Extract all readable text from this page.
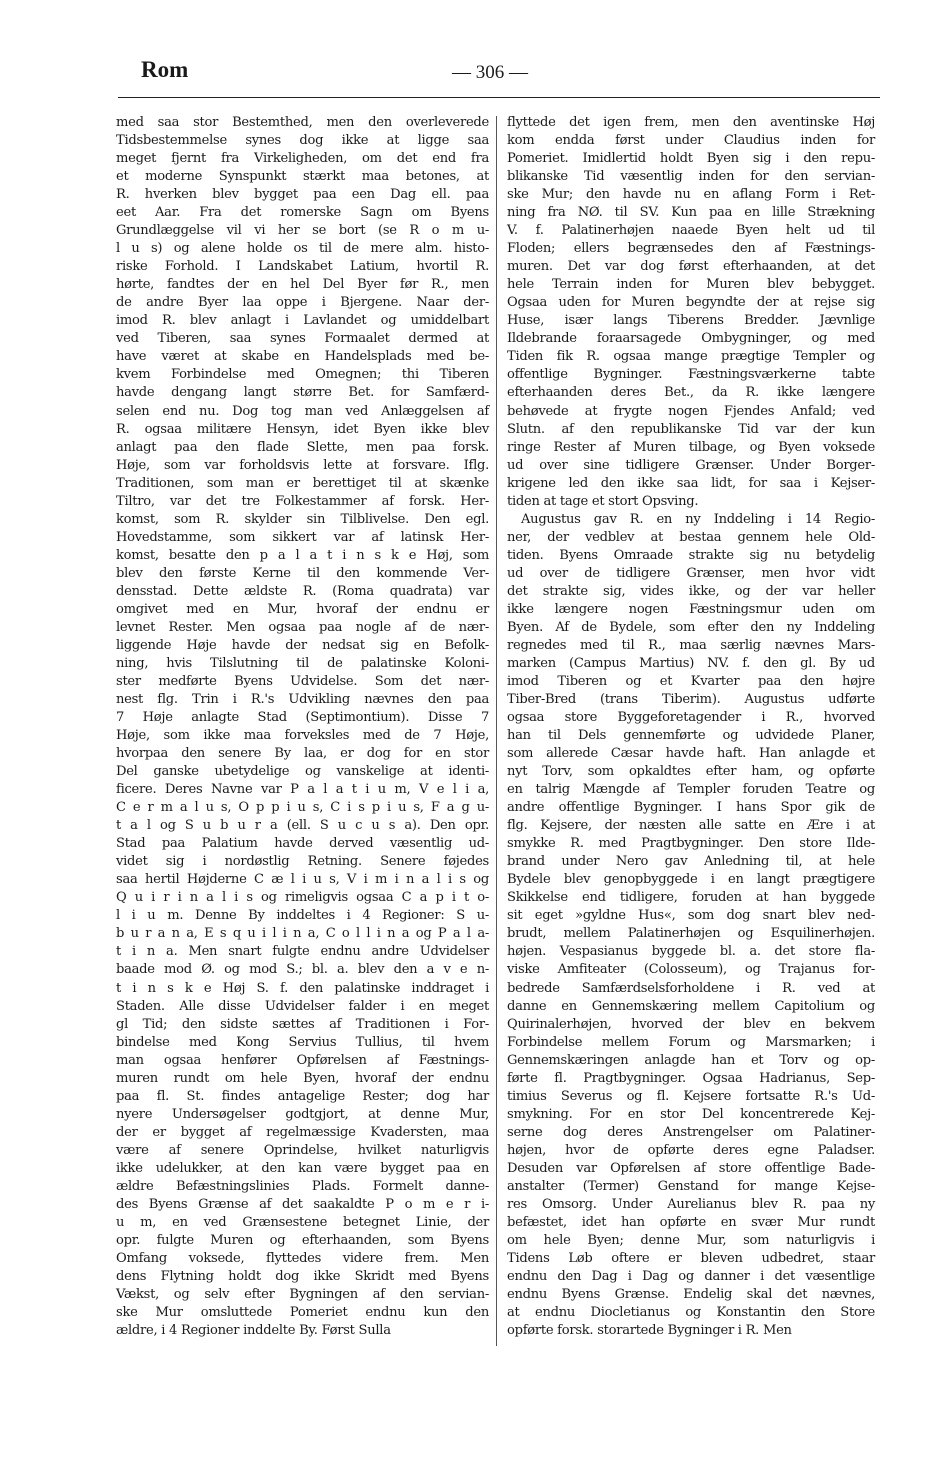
Rom	— 306 —
med saa stor Bestemthed, men den overleverede
Tidsbestemmelse synes dog ikke at ligge saa
meget fjernt fra Virkeligheden, om det end fra
et moderne Synspunkt stærkt maa betones, at
R. hverken blev bygget paa een Dag ell. paa
eet Aar. Fra det romerske Sagn om Byens
Grundlæggelse vil vi her se bort (se R o m u-
l u s) og alene holde os til de mere alm. histo-
riske Forhold. I Landskabet Latium, hvortil R.
hørte, fandtes der en hel Del Byer før R., men
de andre Byer laa oppe i Bjergene. Naar der-
imod R. blev anlagt i Lavlandet og umiddelbart
ved Tiberen, saa synes Formaalet dermed at
have været at skabe en Handelsplads med be-
kvem Forbindelse med Omegnen; thi Tiberen
havde dengang langt større Bet. for Samfærd-
selen end nu. Dog tog man ved Anlæggelsen af
R. ogsaa militære Hensyn, idet Byen ikke blev
anlagt paa den flade Slette, men paa forsk.
Høje, som var forholdsvis lette at forsvare. Iflg.
Traditionen, som man er berettiget til at skænke
Tiltro, var det tre Folkestammer af forsk. Her-
komst, som R. skylder sin Tilblivelse. Den egl.
Hovedstamme, som sikkert var af latinsk Her-
komst, besatte den p a l a t i n s k e Høj, som
blev den første Kerne til den kommende Ver-
densstad. Dette ældste R. (Roma quadrata) var
omgivet med en Mur, hvoraf der endnu er
levnet Rester. Men ogsaa paa nogle af de nær-
liggende Høje havde der nedsat sig en Befolk-
ning, hvis Tilslutning til de palatinske Koloni-
ster medførte Byens Udvidelse. Som det nær-
nest flg. Trin i R.'s Udvikling nævnes den paa
7 Høje anlagte Stad (Septimontium). Disse 7
Høje, som ikke maa forveksles med de 7 Høje,
hvorpaa den senere By laa, er dog for en stor
Del ganske ubetydelige og vanskelige at identi-
ficere. Deres Navne var P a l a t i u m, V e l i a,
C e r m a l u s, O p p i u s, C i s p i u s, F a g u-
t a l og S u b u r a (ell. S u c u s a). Den opr.
Stad paa Palatium havde derved væsentlig ud-
videt sig i nordøstlig Retning. Senere føjedes
saa hertil Højderne C æ l i u s, V i m i n a l i s og
Q u i r i n a l i s og rimeligvis ogsaa C a p i t o-
l i u m. Denne By inddeltes i 4 Regioner: S u-
b u r a n a, E s q u i l i n a, C o l l i n a og P a l a-
t i n a. Men snart fulgte endnu andre Udvidelser
baade mod Ø. og mod S.; bl. a. blev den a v e n-
t i n s k e Høj S. f. den palatinske inddraget i
Staden. Alle disse Udvidelser falder i en meget
gl Tid; den sidste sættes af Traditionen i For-
bindelse med Kong Servius Tullius, til hvem
man ogsaa henfører Opførelsen af Fæstnings-
muren rundt om hele Byen, hvoraf der endnu
paa fl. St. findes antagelige Rester; dog har
nyere Undersøgelser godtgjort, at denne Mur,
der er bygget af regelmæssige Kvadersten, maa
være af senere Oprindelse, hvilket naturligvis
ikke udelukker, at den kan være bygget paa en
ældre Befæstningslinies Plads. Formelt danne-
des Byens Grænse af det saakaldte P o m e r i-
u m, en ved Grænsestene betegnet Linie, der
opr. fulgte Muren og efterhaanden, som Byens
Omfang voksede, flyttedes videre frem. Men
dens Flytning holdt dog ikke Skridt med Byens
Vækst, og selv efter Bygningen af den servian-
ske Mur omsluttede Pomeriet endnu kun den
ældre, i 4 Regioner inddelte By. Først Sulla
flyttede det igen frem, men den aventinske Høj
kom endda først under Claudius inden for
Pomeriet. Imidlertid holdt Byen sig i den repu-
blikanske Tid væsentlig inden for den servian-
ske Mur; den havde nu en aflang Form i Ret-
ning fra NØ. til SV. Kun paa en lille Strækning
V. f. Palatinerhøjen naaede Byen helt ud til
Floden; ellers begrænsedes den af Fæstnings-
muren. Det var dog først efterhaanden, at det
hele Terrain inden for Muren blev bebygget.
Ogsaa uden for Muren begyndte der at rejse sig
Huse, især langs Tiberens Bredder. Jævnlige
Ildebrande foraarsagede Ombygninger, og med
Tiden fik R. ogsaa mange prægtige Templer og
offentlige Bygninger. Fæstningsværkerne tabte
efterhaanden deres Bet., da R. ikke længere
behøvede at frygte nogen Fjendes Anfald; ved
Slutn. af den republikanske Tid var der kun
ringe Rester af Muren tilbage, og Byen voksede
ud over sine tidligere Grænser. Under Borger-
krigene led den ikke saa lidt, for saa i Kejser-
tiden at tage et stort Opsving.
Augustus gav R. en ny Inddeling i 14 Regio-
ner, der vedblev at bestaa gennem hele Old-
tiden. Byens Omraade strakte sig nu betydelig
ud over de tidligere Grænser, men hvor vidt
det strakte sig, vides ikke, og der var heller
ikke længere nogen Fæstningsmur uden om
Byen. Af de Bydele, som efter den ny Inddeling
regnedes med til R., maa særlig nævnes Mars-
marken (Campus Martius) NV. f. den gl. By ud
imod Tiberen og et Kvarter paa den højre
Tiber-Bred (trans Tiberim). Augustus udførte
ogsaa store Byggeforetagender i R., hvorved
han til Dels gennemførte og udvidede Planer,
som allerede Cæsar havde haft. Han anlagde et
nyt Torv, som opkaldtes efter ham, og opførte
en talrig Mængde af Templer foruden Teatre og
andre offentlige Bygninger. I hans Spor gik de
flg. Kejsere, der næsten alle satte en Ære i at
smykke R. med Pragtbygninger. Den store Ilde-
brand under Nero gav Anledning til, at hele
Bydele blev genopbyggede i en langt prægtigere
Skikkelse end tidligere, foruden at han byggede
sit eget »gyldne Hus«, som dog snart blev ned-
brudt, mellem Palatinerhøjen og Esquilinerhøjen.
højen. Vespasianus byggede bl. a. det store fla-
viske Amfiteater (Colosseum), og Trajanus for-
bedrede Samfærdselsforholdene i R. ved at
danne en Gennemskæring mellem Capitolium og
Quirinalerhøjen, hvorved der blev en bekvem
Forbindelse mellem Forum og Marsmarken; i
Gennemskæringen anlagde han et Torv og op-
førte fl. Pragtbygninger. Ogsaa Hadrianus, Sep-
timius Severus og fl. Kejsere fortsatte R.'s Ud-
smykning. For en stor Del koncentrerede Kej-
serne dog deres Anstrengelser om Palatiner-
højen, hvor de opførte deres egne Paladser.
Desuden var Opførelsen af store offentlige Bade-
anstalter (Termer) Genstand for mange Kejse-
res Omsorg. Under Aurelianus blev R. paa ny
befæstet, idet han opførte en svær Mur rundt
om hele Byen; denne Mur, som naturligvis i
Tidens Løb oftere er bleven udbedret, staar
endnu den Dag i Dag og danner i det væsentlige
endnu Byens Grænse. Endelig skal det nævnes,
at endnu Diocletianus og Konstantin den Store
opførte forsk. storartede Bygninger i R. Men
